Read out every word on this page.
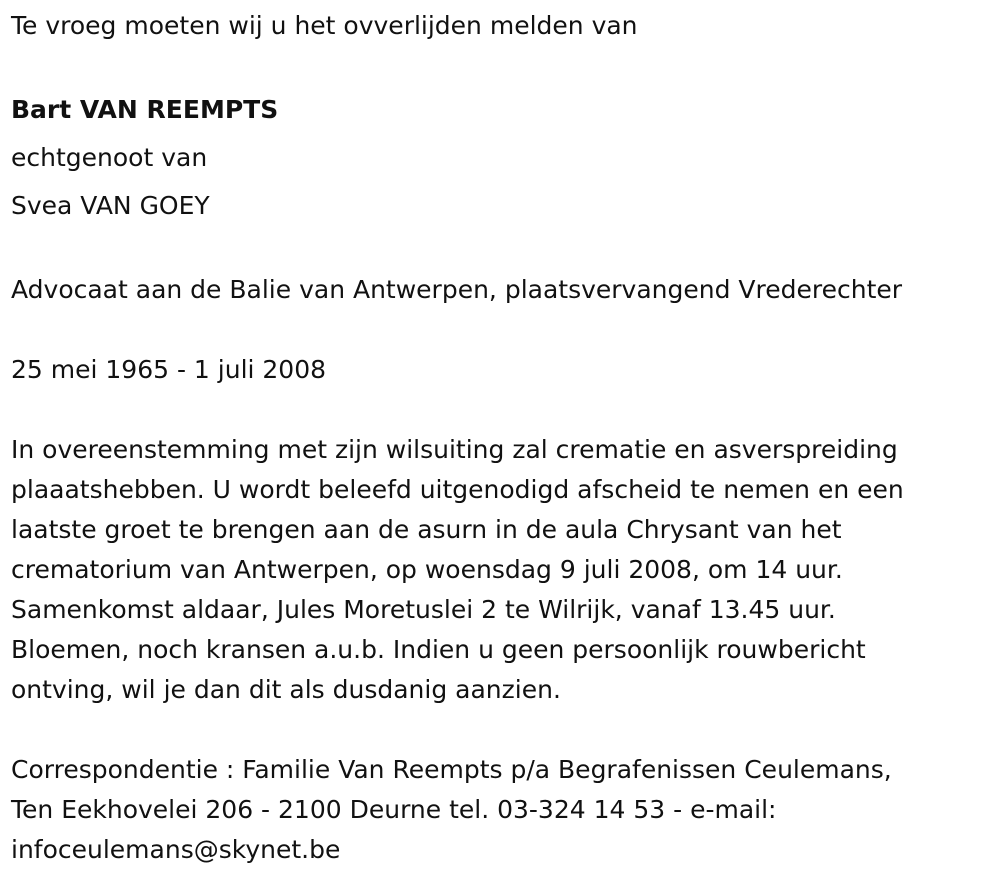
Te vroeg moeten wij u het ovverlijden melden van

Bart VAN REEMPTS

echtgenoot van

Svea VAN GOEY

Advocaat aan de Balie van Antwerpen, plaatsvervangend Vrederechter

25 mei 1965 - 1 juli 2008

In overeenstemming met zijn wilsuiting zal crematie en asverspreiding

plaaatshebben. U wordt beleefd uitgenodigd afscheid te nemen en een

laatste groet te brengen aan de asurn in de aula Chrysant van het

crematorium van Antwerpen, op woensdag 9 juli 2008, om 14 uur.

Samenkomst aldaar, Jules Moretuslei 2 te Wilrijk, vanaf 13.45 uur.

Bloemen, noch kransen a.u.b. Indien u geen persoonlijk rouwbericht

ontving, wil je dan dit als dusdanig aanzien.

Correspondentie : Familie Van Reempts p/a Begrafenissen Ceulemans,

Ten Eekhovelei 206 - 2100 Deurne tel. 03-324 14 53 - e-mail:

infoceulemans@skynet.be
